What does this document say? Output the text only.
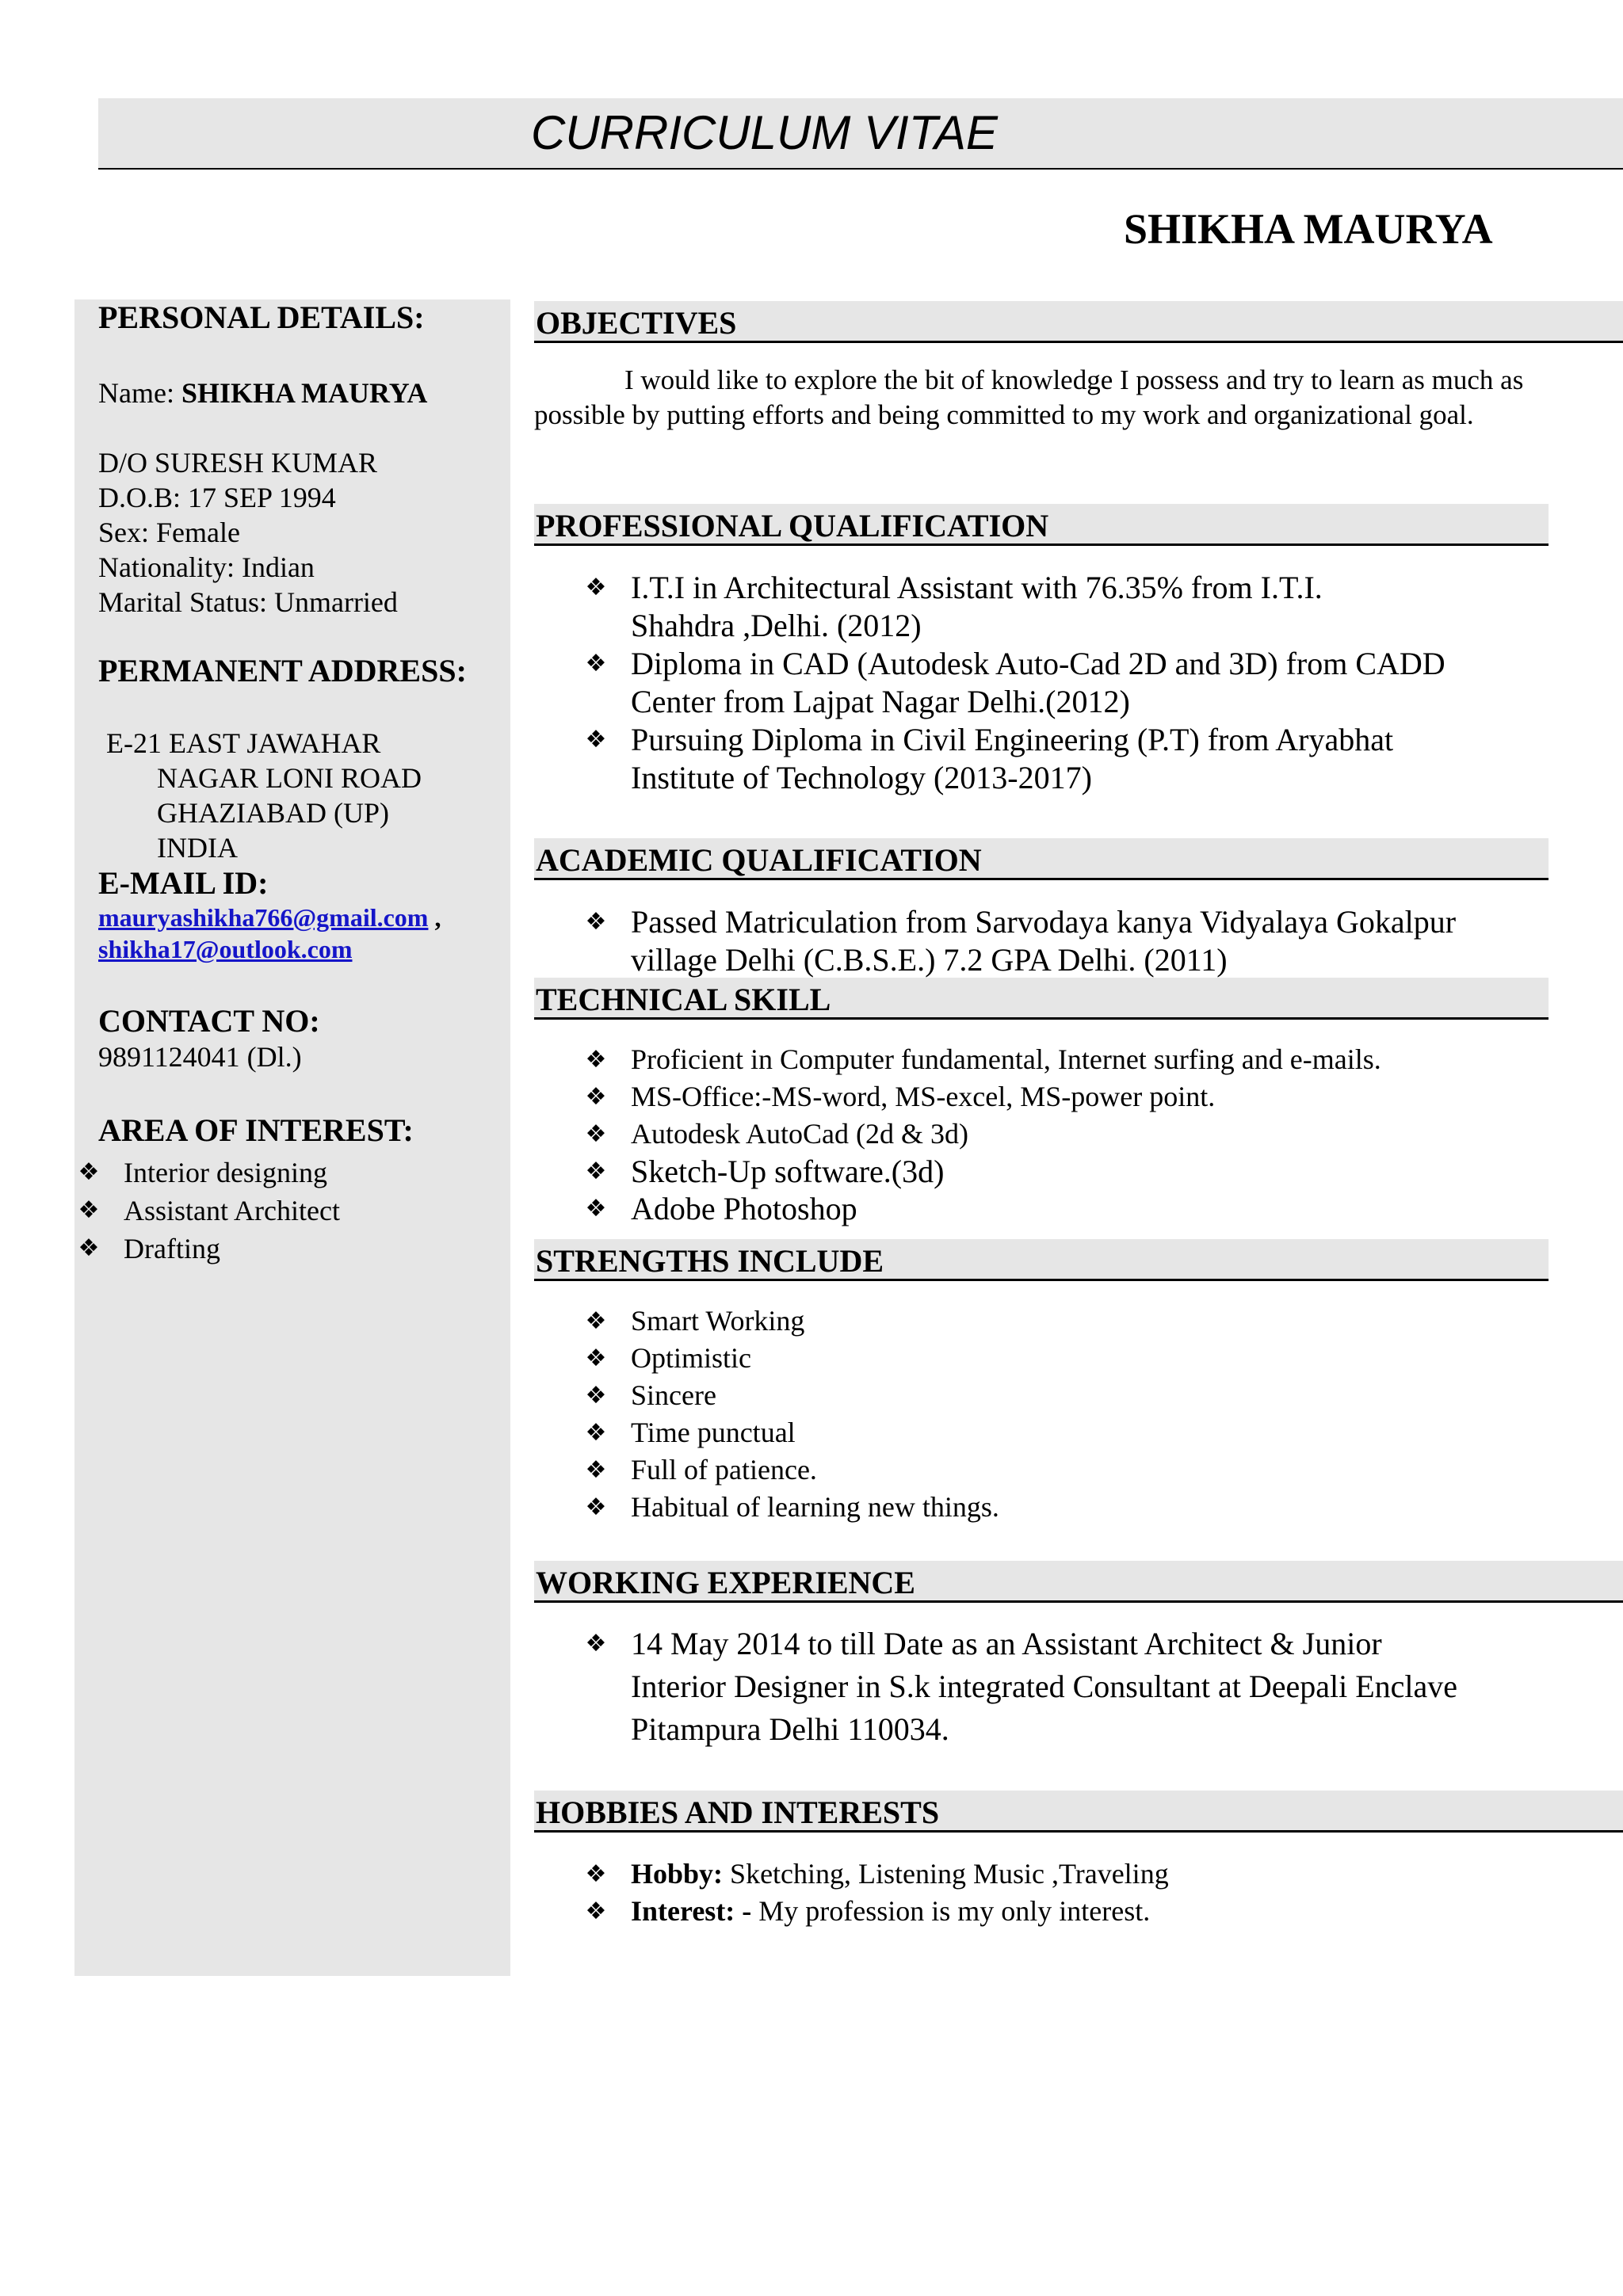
CURRICULUM VITAE
SHIKHA MAURYA
PERSONAL DETAILS:

Name: SHIKHA MAURYA

D/O SURESH KUMAR

D.O.B: 17 SEP 1994

Sex: Female

Nationality: Indian

Marital Status: Unmarried

PERMANENT ADDRESS:

E-21 EAST JAWAHAR

NAGAR LONI ROAD

GHAZIABAD (UP)

INDIA

E-MAIL ID:
mauryashikha766@gmail.com ,
shikha17@outlook.com
CONTACT NO:
9891124041 (Dl.)
AREA OF INTEREST:
❖ Interior designing
❖ Assistant Architect
❖ Drafting
OBJECTIVES
I would like to explore the bit of knowledge I possess and try to learn as much as possible by putting efforts and being committed to my work and organizational goal.
PROFESSIONAL QUALIFICATION
❖ I.T.I in Architectural Assistant with 76.35% from I.T.I.
Shahdra ,Delhi. (2012)
❖ Diploma in CAD (Autodesk Auto-Cad 2D and 3D) from CADD
Center from Lajpat Nagar Delhi.(2012)
❖ Pursuing Diploma in Civil Engineering (P.T) from Aryabhat
Institute of Technology (2013-2017)
ACADEMIC QUALIFICATION
❖ Passed Matriculation from Sarvodaya kanya Vidyalaya Gokalpur
village Delhi (C.B.S.E.) 7.2 GPA Delhi. (2011)
TECHNICAL SKILL
❖ Proficient in Computer fundamental, Internet surfing and e-mails.
❖ MS-Office:-MS-word, MS-excel, MS-power point.
❖ Autodesk AutoCad (2d & 3d)
❖ Sketch-Up software.(3d)
❖ Adobe Photoshop
STRENGTHS INCLUDE
❖ Smart Working
❖ Optimistic
❖ Sincere
❖ Time punctual
❖ Full of patience.
❖ Habitual of learning new things.
WORKING EXPERIENCE
❖ 14 May 2014 to till Date as an Assistant Architect & Junior
Interior Designer in S.k integrated Consultant at Deepali Enclave
Pitampura Delhi 110034.
HOBBIES AND INTERESTS
❖ Hobby: Sketching, Listening Music ,Traveling
❖ Interest: - My profession is my only interest.
